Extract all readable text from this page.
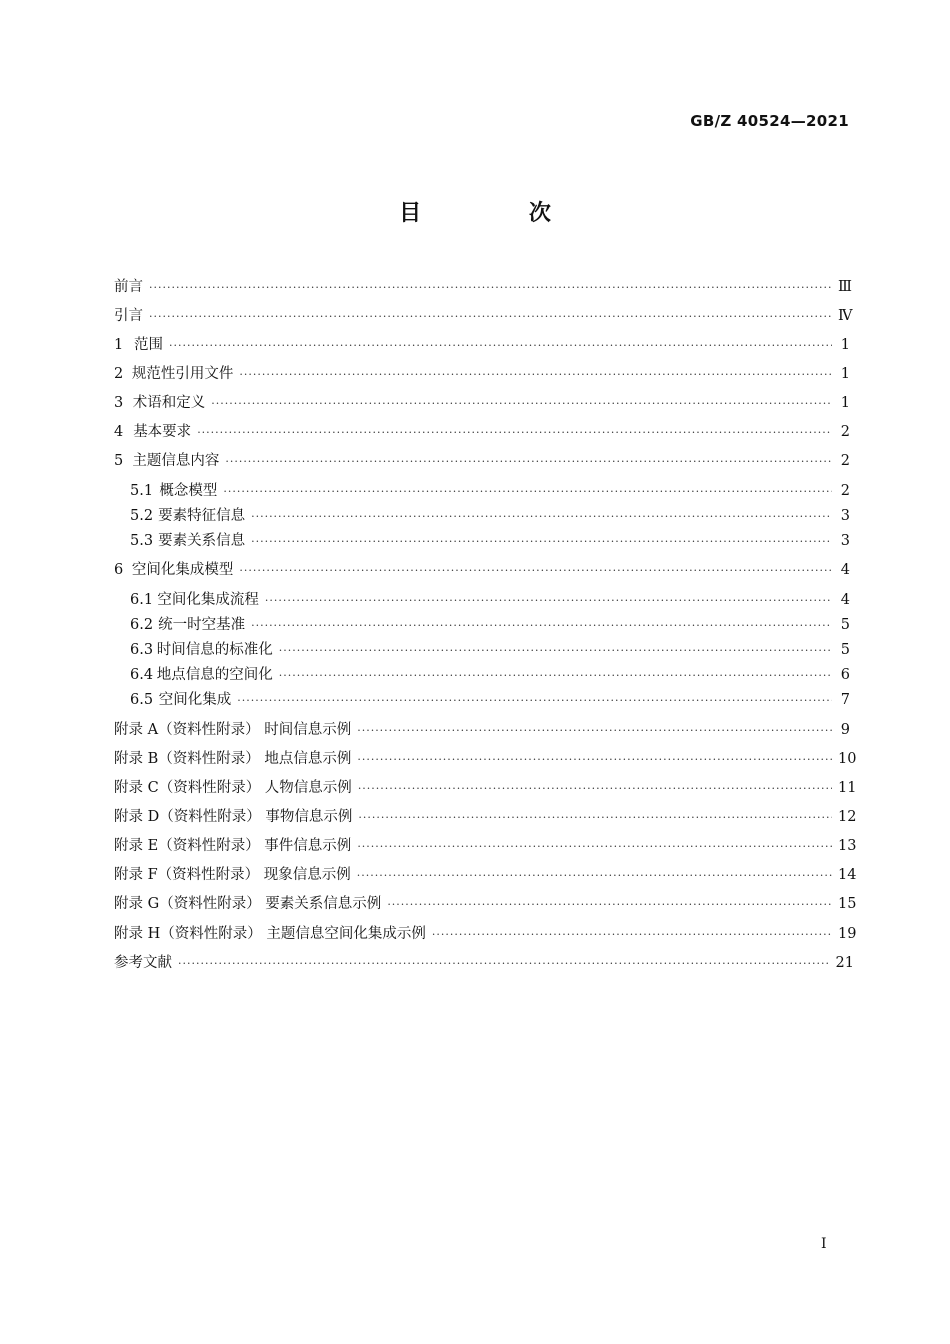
GB/Z 40524—2021
目 次
前言 ·····	Ⅲ
引言 ·····	Ⅳ
1 范围 ·····	1
2 规范性引用文件 ·····	1
3 术语和定义 ·····	1
4 基本要求 ·····	2
5 主题信息内容 ·····	2
5.1 概念模型 ·····	2
5.2 要素特征信息 ·····	3
5.3 要素关系信息 ·····	3
6 空间化集成模型 ·····	4
6.1 空间化集成流程 ·····	4
6.2 统一时空基准 ·····	5
6.3 时间信息的标准化 ·····	5
6.4 地点信息的空间化 ·····	6
6.5 空间化集成 ·····	7
附录 A（资料性附录） 时间信息示例 ·····	9
附录 B（资料性附录） 地点信息示例 ·····	10
附录 C（资料性附录） 人物信息示例 ·····	11
附录 D（资料性附录） 事物信息示例 ·····	12
附录 E（资料性附录） 事件信息示例 ·····	13
附录 F（资料性附录） 现象信息示例 ·····	14
附录 G（资料性附录） 要素关系信息示例 ·····	15
附录 H（资料性附录） 主题信息空间化集成示例 ·····	19
参考文献 ·····	21
I
